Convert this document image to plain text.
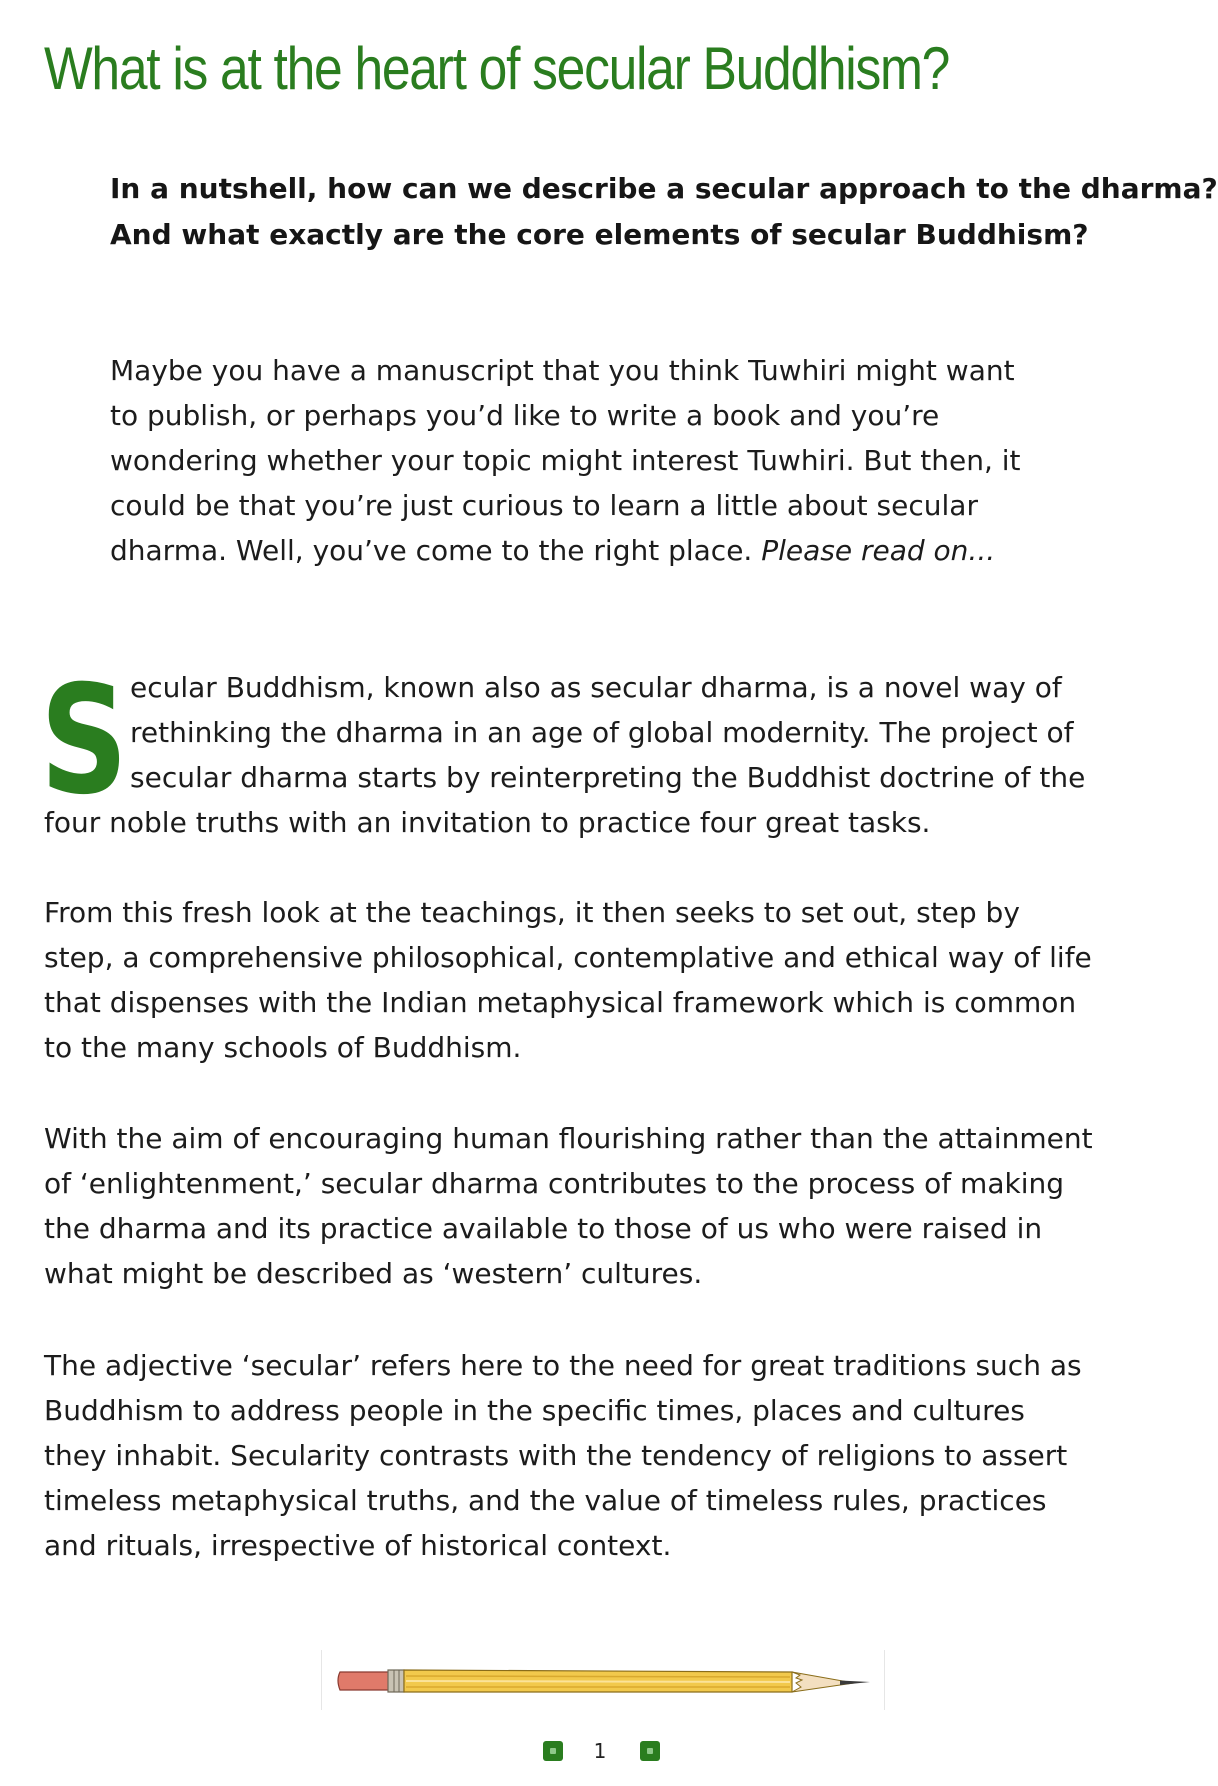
What is at the heart of secular Buddhism?

In a nutshell, how can we describe a secular approach to the dharma?
And what exactly are the core elements of secular Buddhism?

Maybe you have a manuscript that you think Tuwhiri might want
to publish, or perhaps you’d like to write a book and you’re
wondering whether your topic might interest Tuwhiri. But then, it
could be that you’re just curious to learn a little about secular
dharma. Well, you’ve come to the right place. Please read on...

S ecular Buddhism, known also as secular dharma, is a novel way of
rethinking the dharma in an age of global modernity. The project of
secular dharma starts by reinterpreting the Buddhist doctrine of the
four noble truths with an invitation to practice four great tasks.

From this fresh look at the teachings, it then seeks to set out, step by
step, a comprehensive philosophical, contemplative and ethical way of life
that dispenses with the Indian metaphysical framework which is common
to the many schools of Buddhism.

With the aim of encouraging human flourishing rather than the attainment
of ‘enlightenment,’ secular dharma contributes to the process of making
the dharma and its practice available to those of us who were raised in
what might be described as ‘western’ cultures.

The adjective ‘secular’ refers here to the need for great traditions such as
Buddhism to address people in the specific times, places and cultures
they inhabit. Secularity contrasts with the tendency of religions to assert
timeless metaphysical truths, and the value of timeless rules, practices
and rituals, irrespective of historical context.

1
